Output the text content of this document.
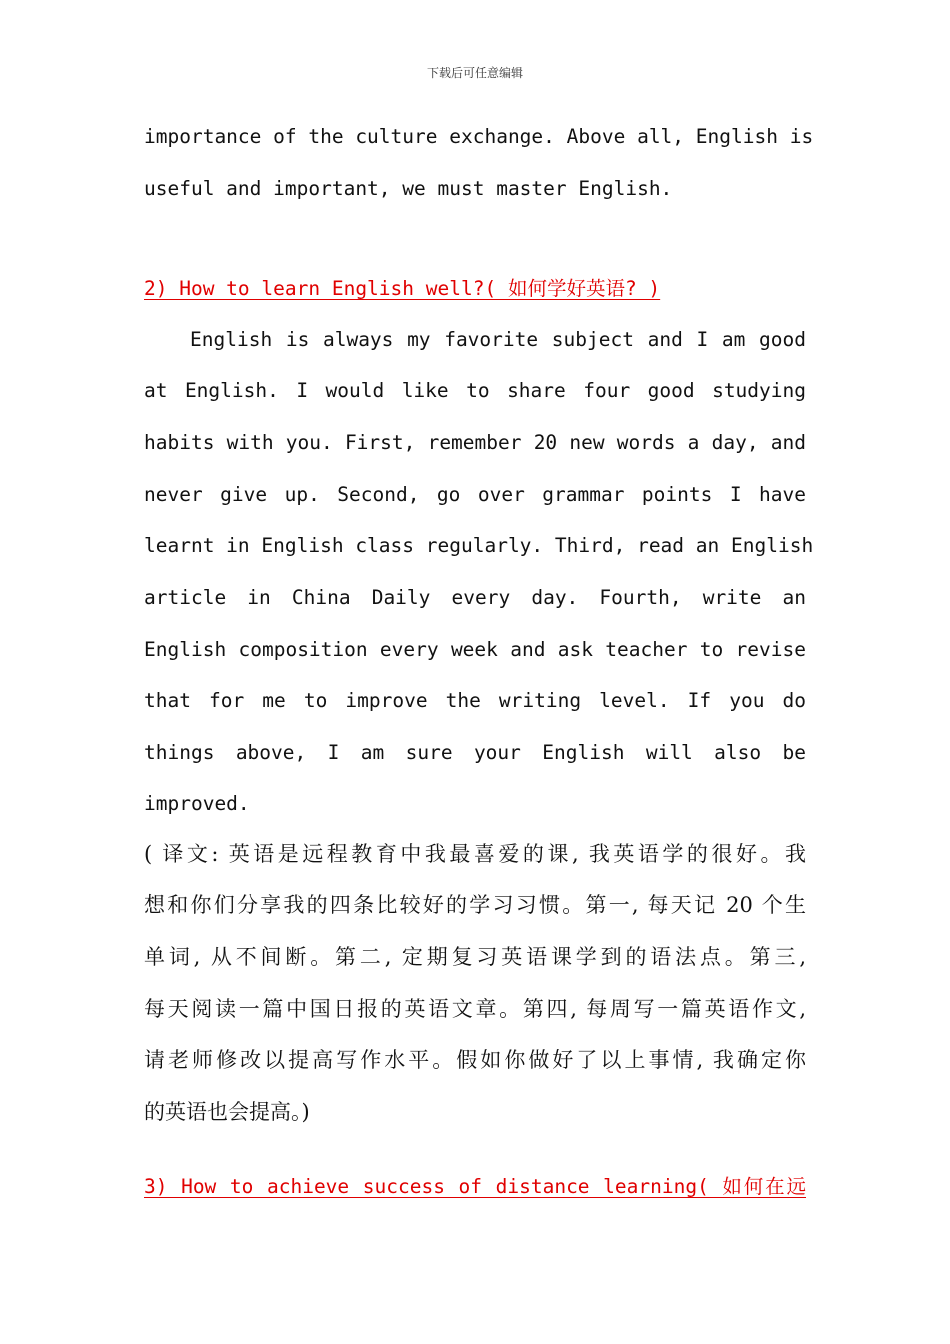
下载后可任意编辑
importance of the culture exchange. Above all, English is
useful and important, we must master English.
2) How to learn English well?( 如何学好英语? )
English is always my favorite subject and I am good
at English. I would like to share four good studying
habits with you. First, remember 20 new words a day, and
never give up. Second, go over grammar points I have
learnt in English class regularly. Third, read an English
article in China Daily every day. Fourth, write an
English composition every week and ask teacher to revise
that for me to improve the writing level. If you do
things above, I am sure your English will also be
improved.
( 译文: 英语是远程教育中我最喜爱的课, 我英语学的很好。我
想和你们分享我的四条比较好的学习习惯。第一, 每天记 20 个生
单词, 从不间断。第二, 定期复习英语课学到的语法点。第三,
每天阅读一篇中国日报的英语文章。第四, 每周写一篇英语作文,
请老师修改以提高写作水平。假如你做好了以上事情, 我确定你
的英语也会提高。)
3) How to achieve success of distance learning( 如何在远
